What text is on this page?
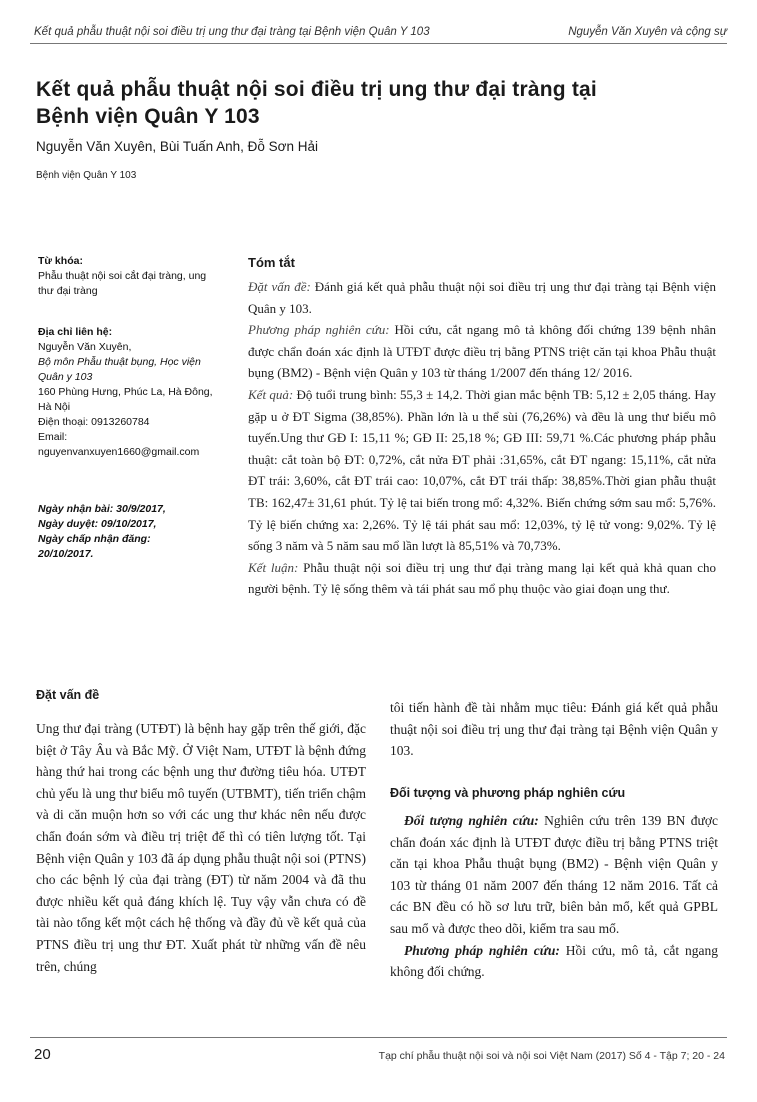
Kết quả phẫu thuật nội soi điều trị ung thư đại tràng tại Bệnh viện Quân Y 103	Nguyễn Văn Xuyên và cộng sự
Kết quả phẫu thuật nội soi điều trị ung thư đại tràng tại
Bệnh viện Quân Y 103
Nguyễn Văn Xuyên, Bùi Tuấn Anh, Đỗ Sơn Hải
Bệnh viện Quân Y 103
Từ khóa:
Phẫu thuật nội soi cắt đại tràng, ung thư đại tràng
Địa chỉ liên hệ:
Nguyễn Văn Xuyên,
Bộ môn Phẫu thuật bụng, Học viện Quân y 103
160 Phùng Hưng, Phúc La, Hà Đông, Hà Nội
Điện thoại: 0913260784
Email: nguyenvanxuyen1660@gmail.com
Ngày nhận bài: 30/9/2017,
Ngày duyệt: 09/10/2017,
Ngày chấp nhận đăng:
20/10/2017.
Tóm tắt

Đặt vấn đề: Đánh giá kết quả phẫu thuật nội soi điều trị ung thư đại tràng tại Bệnh viện Quân y 103.

Phương pháp nghiên cứu: Hồi cứu, cắt ngang mô tả không đối chứng 139 bệnh nhân được chẩn đoán xác định là UTĐT được điều trị bằng PTNS triệt căn tại khoa Phẫu thuật bụng (BM2) - Bệnh viện Quân y 103 từ tháng 1/2007 đến tháng 12/ 2016.

Kết quả: Độ tuổi trung bình: 55,3 ± 14,2. Thời gian mắc bệnh TB: 5,12 ± 2,05 tháng. Hay gặp u ở ĐT Sigma (38,85%). Phần lớn là u thể sùi (76,26%) và đều là ung thư biểu mô tuyến.Ung thư GĐ I: 15,11 %; GĐ II: 25,18 %; GĐ III: 59,71 %.Các phương pháp phẫu thuật: cắt toàn bộ ĐT: 0,72%, cắt nửa ĐT phải :31,65%, cắt ĐT ngang: 15,11%, cắt nửa ĐT trái: 3,60%, cắt ĐT trái cao: 10,07%, cắt ĐT trái thấp: 38,85%.Thời gian phẫu thuật TB: 162,47± 31,61 phút. Tỷ lệ tai biến trong mổ: 4,32%. Biến chứng sớm sau mổ: 5,76%. Tỷ lệ biến chứng xa: 2,26%. Tỷ lệ tái phát sau mổ: 12,03%, tỷ lệ tử vong: 9,02%. Tỷ lệ sống 3 năm và 5 năm sau mổ lần lượt là 85,51% và 70,73%.

Kết luận: Phẫu thuật nội soi điều trị ung thư đại tràng mang lại kết quả khả quan cho người bệnh. Tỷ lệ sống thêm và tái phát sau mổ phụ thuộc vào giai đoạn ung thư.

Đặt vấn đề

Ung thư đại tràng (UTĐT) là bệnh hay gặp trên thế giới, đặc biệt ở Tây Âu và Bắc Mỹ. Ở Việt Nam, UTĐT là bệnh đứng hàng thứ hai trong các bệnh ung thư đường tiêu hóa. UTĐT chủ yếu là ung thư biểu mô tuyến (UTBMT), tiến triển chậm và di căn muộn hơn so với các ung thư khác nên nếu được chẩn đoán sớm và điều trị triệt để thì có tiên lượng tốt. Tại Bệnh viện Quân y 103 đã áp dụng phẫu thuật nội soi (PTNS) cho các bệnh lý của đại tràng (ĐT) từ năm 2004 và đã thu được nhiều kết quả đáng khích lệ. Tuy vậy vẫn chưa có đề tài nào tổng kết một cách hệ thống và đầy đủ về kết quả của PTNS điều trị ung thư ĐT. Xuất phát từ những vấn đề nêu trên, chúng

tôi tiến hành đề tài nhằm mục tiêu: Đánh giá kết quả phẫu thuật nội soi điều trị ung thư đại tràng tại Bệnh viện Quân y 103.

Đối tượng và phương pháp nghiên cứu

Đối tượng nghiên cứu: Nghiên cứu trên 139 BN được chẩn đoán xác định là UTĐT được điều trị bằng PTNS triệt căn tại khoa Phẫu thuật bụng (BM2) - Bệnh viện Quân y 103 từ tháng 01 năm 2007 đến tháng 12 năm 2016. Tất cả các BN đều có hồ sơ lưu trữ, biên bản mổ, kết quả GPBL sau mổ và được theo dõi, kiểm tra sau mổ.

Phương pháp nghiên cứu: Hồi cứu, mô tả, cắt ngang không đối chứng.

20	Tạp chí phẫu thuật nội soi và nội soi Việt Nam (2017) Số 4 - Tập 7; 20 - 24
